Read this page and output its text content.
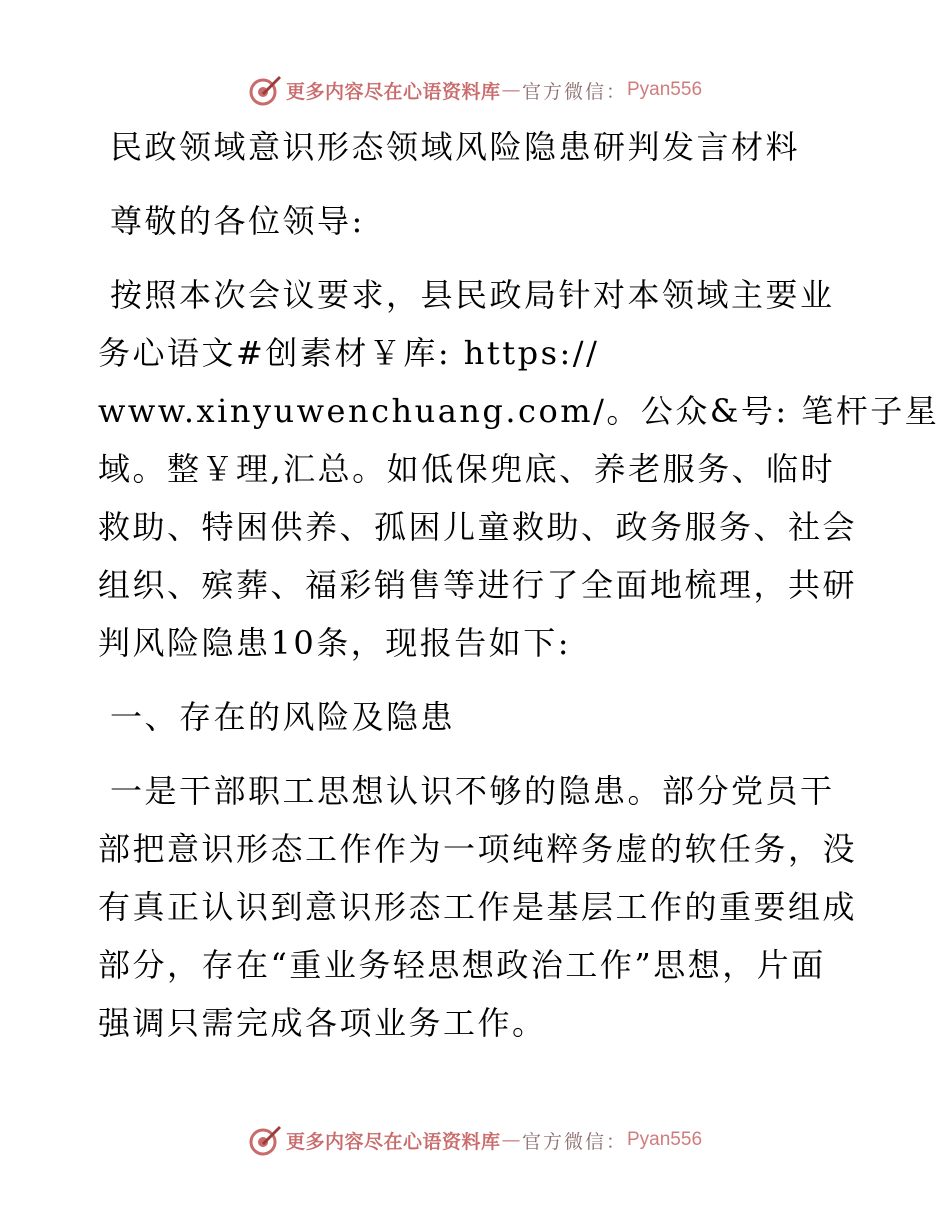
更多内容尽在心语资料库 — 官方微信： Pyan556
民政领域意识形态领域风险隐患研判发言材料
尊敬的各位领导:
按照本次会议要求，县民政局针对本领域主要业
务心语文#创素材￥库: https://
www.xinyuwenchuang.com/。公众&号: 笔杆子星
域。整￥理,汇总。如低保兜底、养老服务、临时
救助、特困供养、孤困儿童救助、政务服务、社会
组织、殡葬、福彩销售等进行了全面地梳理，共研
判风险隐患10条，现报告如下:
一、存在的风险及隐患
一是干部职工思想认识不够的隐患。部分党员干
部把意识形态工作作为一项纯粹务虚的软任务，没
有真正认识到意识形态工作是基层工作的重要组成
部分，存在“重业务轻思想政治工作”思想，片面
强调只需完成各项业务工作。
更多内容尽在心语资料库 — 官方微信： Pyan556
